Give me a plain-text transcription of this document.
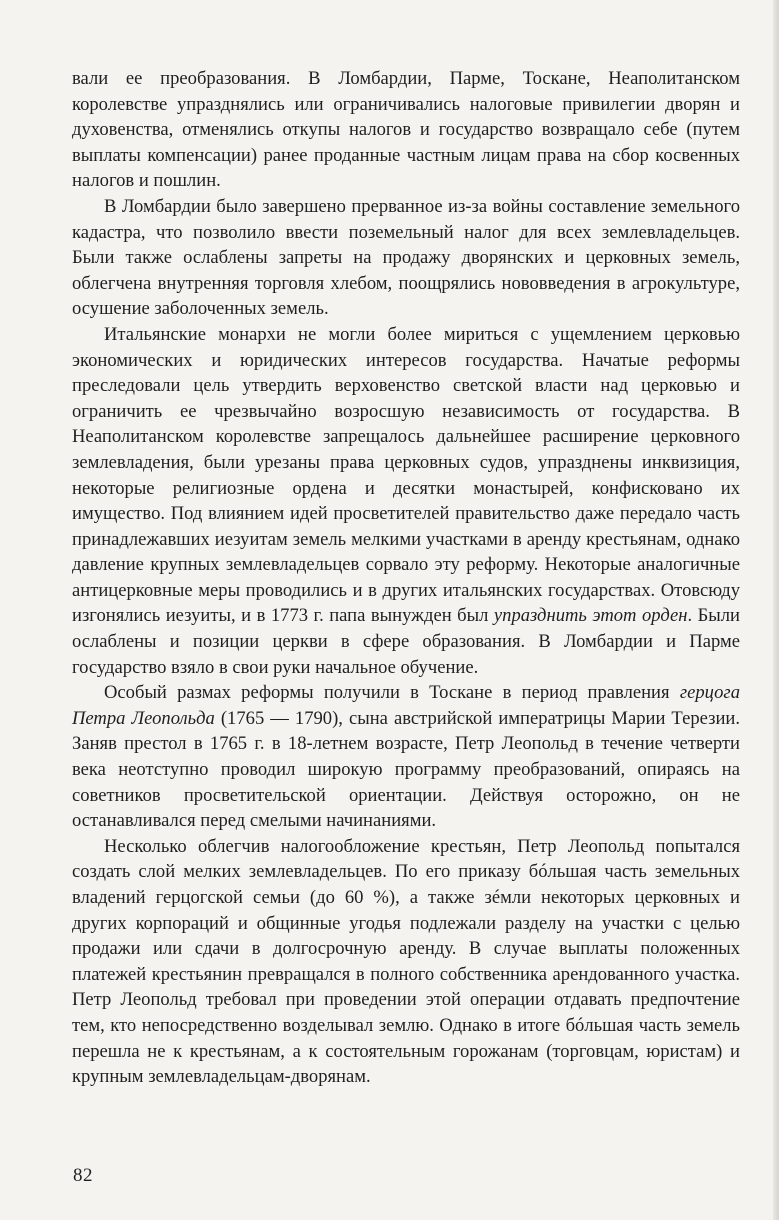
вали ее преобразования. В Ломбардии, Парме, Тоскане, Неаполитанском королевстве упразднялись или ограничивались налоговые привилегии дворян и духовенства, отменялись откупы налогов и государство возвращало себе (путем выплаты компенсации) ранее проданные частным лицам права на сбор косвенных налогов и пошлин.

В Ломбардии было завершено прерванное из-за войны составление земельного кадастра, что позволило ввести поземельный налог для всех землевладельцев. Были также ослаблены запреты на продажу дворянских и церковных земель, облегчена внутренняя торговля хлебом, поощрялись нововведения в агрокультуре, осушение заболоченных земель.

Итальянские монархи не могли более мириться с ущемлением церковью экономических и юридических интересов государства. Начатые реформы преследовали цель утвердить верховенство светской власти над церковью и ограничить ее чрезвычайно возросшую независимость от государства. В Неаполитанском королевстве запрещалось дальнейшее расширение церковного землевладения, были урезаны права церковных судов, упразднены инквизиция, некоторые религиозные ордена и десятки монастырей, конфисковано их имущество. Под влиянием идей просветителей правительство даже передало часть принадлежавших иезуитам земель мелкими участками в аренду крестьянам, однако давление крупных землевладельцев сорвало эту реформу. Некоторые аналогичные антицерковные меры проводились и в других итальянских государствах. Отовсюду изгонялись иезуиты, и в 1773 г. папа вынужден был упразднить этот орден. Были ослаблены и позиции церкви в сфере образования. В Ломбардии и Парме государство взяло в свои руки начальное обучение.

Особый размах реформы получили в Тоскане в период правления герцога Петра Леопольда (1765 — 1790), сына австрийской императрицы Марии Терезии. Заняв престол в 1765 г. в 18-летнем возрасте, Петр Леопольд в течение четверти века неотступно проводил широкую программу преобразований, опираясь на советников просветительской ориентации. Действуя осторожно, он не останавливался перед смелыми начинаниями.

Несколько облегчив налогообложение крестьян, Петр Леопольд попытался создать слой мелких землевладельцев. По его приказу бóльшая часть земельных владений герцогской семьи (до 60 %), а также зéмли некоторых церковных и других корпораций и общинные угодья подлежали разделу на участки с целью продажи или сдачи в долгосрочную аренду. В случае выплаты положенных платежей крестьянин превращался в полного собственника арендованного участка. Петр Леопольд требовал при проведении этой операции отдавать предпочтение тем, кто непосредственно возделывал землю. Однако в итоге бóльшая часть земель перешла не к крестьянам, а к состоятельным горожанам (торговцам, юристам) и крупным землевладельцам-дворянам.

82
